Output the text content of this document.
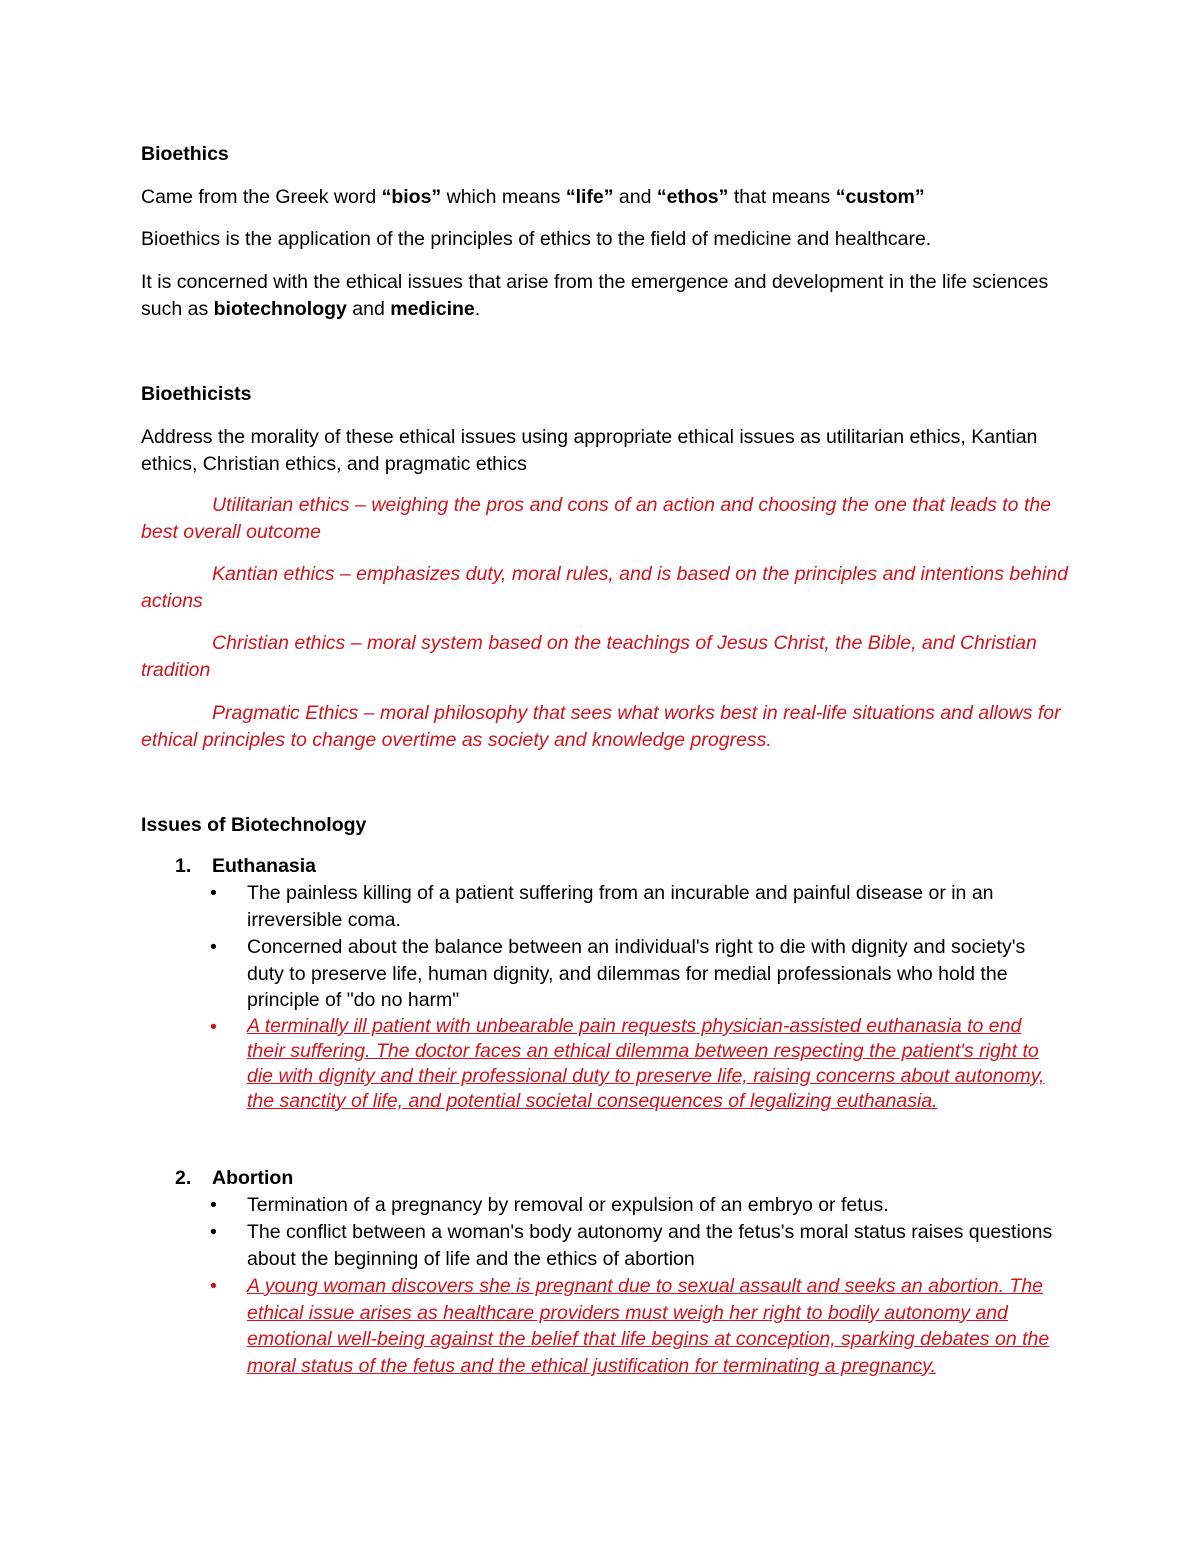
Bioethics

Came from the Greek word “bios” which means “life” and “ethos” that means “custom”

Bioethics is the application of the principles of ethics to the field of medicine and healthcare.

It is concerned with the ethical issues that arise from the emergence and development in the life sciences such as biotechnology and medicine.

Bioethicists

Address the morality of these ethical issues using appropriate ethical issues as utilitarian ethics, Kantian ethics, Christian ethics, and pragmatic ethics

Utilitarian ethics – weighing the pros and cons of an action and choosing the one that leads to the best overall outcome

Kantian ethics – emphasizes duty, moral rules, and is based on the principles and intentions behind actions

Christian ethics – moral system based on the teachings of Jesus Christ, the Bible, and Christian tradition

Pragmatic Ethics – moral philosophy that sees what works best in real-life situations and allows for ethical principles to change overtime as society and knowledge progress.

Issues of Biotechnology

1. Euthanasia
• The painless killing of a patient suffering from an incurable and painful disease or in an irreversible coma.

• Concerned about the balance between an individual's right to die with dignity and society's duty to preserve life, human dignity, and dilemmas for medial professionals who hold the principle of "do no harm"

• A terminally ill patient with unbearable pain requests physician-assisted euthanasia to end their suffering. The doctor faces an ethical dilemma between respecting the patient's right to die with dignity and their professional duty to preserve life, raising concerns about autonomy, the sanctity of life, and potential societal consequences of legalizing euthanasia.

2. Abortion
• Termination of a pregnancy by removal or expulsion of an embryo or fetus.

• The conflict between a woman's body autonomy and the fetus's moral status raises questions about the beginning of life and the ethics of abortion

• A young woman discovers she is pregnant due to sexual assault and seeks an abortion. The ethical issue arises as healthcare providers must weigh her right to bodily autonomy and emotional well-being against the belief that life begins at conception, sparking debates on the moral status of the fetus and the ethical justification for terminating a pregnancy.
